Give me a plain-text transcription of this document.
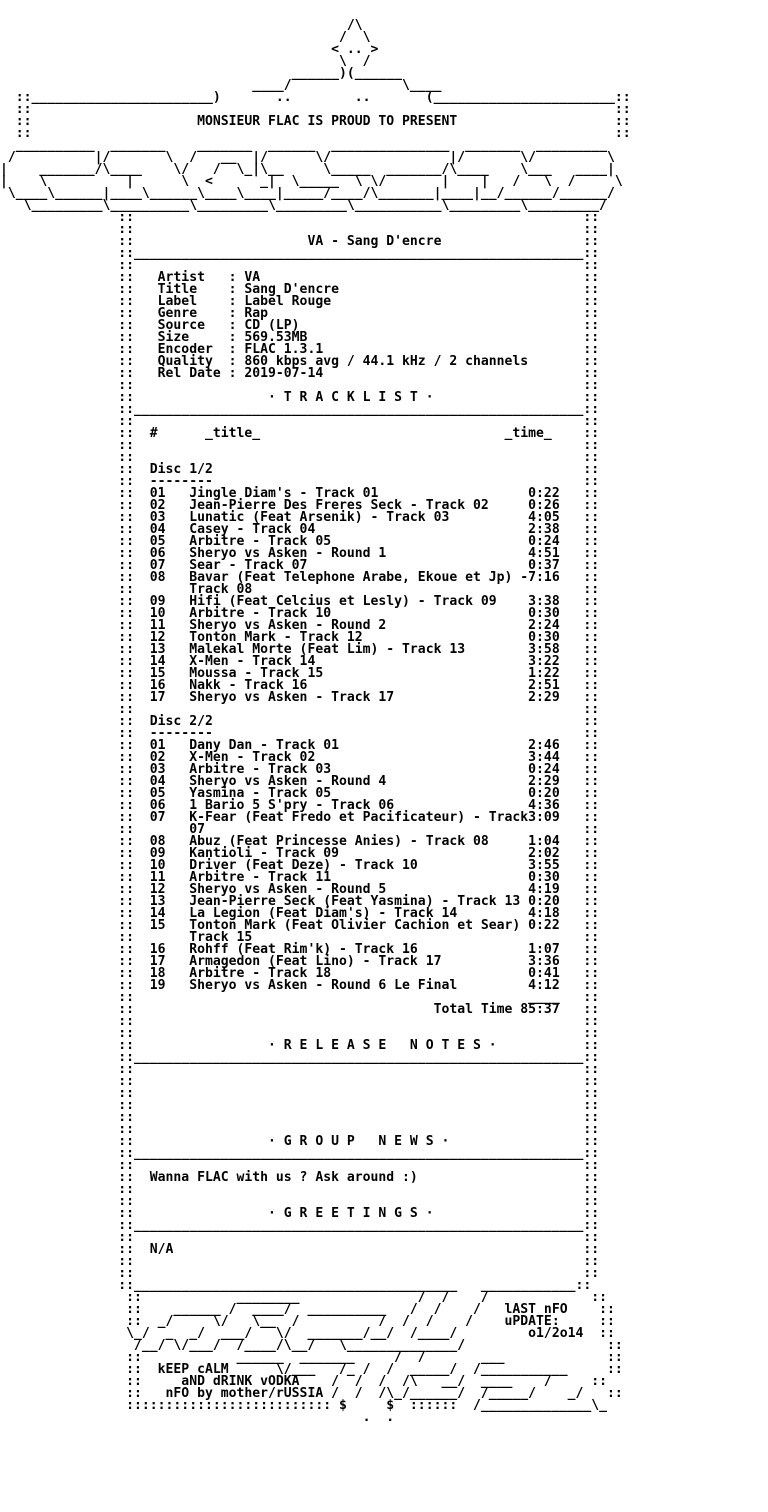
/\
/  \
< .. >
\  /
______)(______
____/              \____
::_______________________)       ..        ..       (_______________________::
::                                                                          ::
::                     MONSIEUR FLAC IS PROUD TO PRESENT                    ::
::                                                                          ::
__________  _______    _______  ______  _______________  _______  _________
/          |/       \  /   __  |/      \/               |/       \/         \
|    _______/\____    \/   /  \_|\__     \_____  _______/\____    \___   ____|
|    \          |      \  <      _|  \_____  \ \/       |    |   /   \  /     \
\____\______|____\______\____\____|_____/____/\_______|____|__/______/______/
\_________\__________\_________\_________\___________\_________\_________/
::                                                         ::
::                                                         ::
::                      VA - Sang D'encre                  ::
::_________________________________________________________::
::                                                         ::
::   Artist   : VA                                         ::
::   Title    : Sang D'encre                               ::
::   Label    : Label Rouge                                ::
::   Genre    : Rap                                        ::
::   Source   : CD (LP)                                    ::
::   Size     : 569.53MB                                   ::
::   Encoder  : FLAC 1.3.1                                 ::
::   Quality  : 860 kbps avg / 44.1 kHz / 2 channels       ::
::   Rel Date : 2019-07-14                                 ::
::                                                         ::
::                 · T R A C K L I S T ·                   ::
::_________________________________________________________::
::                                                         ::
::  #      _title_                               _time_    ::
::                                                         ::
::                                                         ::
::  Disc 1/2                                               ::
::  --------                                               ::
::  01   Jingle Diam's - Track 01                   0:22   ::
::  02   Jean-Pierre Des Freres Seck - Track 02     0:26   ::
::  03   Lunatic (Feat Arsenik) - Track 03          4:05   ::
::  04   Casey - Track 04                           2:38   ::
::  05   Arbitre - Track 05                         0:24   ::
::  06   Sheryo vs Asken - Round 1                  4:51   ::
::  07   Sear - Track 07                            0:37   ::
::  08   Bavar (Feat Telephone Arabe, Ekoue et Jp) -7:16   ::
::       Track 08                                          ::
::  09   Hifi (Feat Celcius et Lesly) - Track 09    3:38   ::
::  10   Arbitre - Track 10                         0:30   ::
::  11   Sheryo vs Asken - Round 2                  2:24   ::
::  12   Tonton Mark - Track 12                     0:30   ::
::  13   Malekal Morte (Feat Lim) - Track 13        3:58   ::
::  14   X-Men - Track 14                           3:22   ::
::  15   Moussa - Track 15                          1:22   ::
::  16   Nakk - Track 16                            2:51   ::
::  17   Sheryo vs Asken - Track 17                 2:29   ::
::                                                         ::
::  Disc 2/2                                               ::
::  --------                                               ::
::  01   Dany Dan - Track 01                        2:46   ::
::  02   X-Men - Track 02                           3:44   ::
::  03   Arbitre - Track 03                         0:24   ::
::  04   Sheryo vs Asken - Round 4                  2:29   ::
::  05   Yasmina - Track 05                         0:20   ::
::  06   1 Bario 5 S'pry - Track 06                 4:36   ::
::  07   K-Fear (Feat Fredo et Pacificateur) - Track3:09   ::
::       07                                                ::
::  08   Abuz (Feat Princesse Anies) - Track 08     1:04   ::
::  09   Kantioli - Track 09                        2:02   ::
::  10   Driver (Feat Deze) - Track 10              3:55   ::
::  11   Arbitre - Track 11                         0:30   ::
::  12   Sheryo vs Asken - Round 5                  4:19   ::
::  13   Jean-Pierre Seck (Feat Yasmina) - Track 13 0:20   ::
::  14   La Legion (Feat Diam's) - Track 14         4:18   ::
::  15   Tonton Mark (Feat Olivier Cachion et Sear) 0:22   ::
::       Track 15                                          ::
::  16   Rohff (Feat Rim'k) - Track 16              1:07   ::
::  17   Armagedon (Feat Lino) - Track 17           3:36   ::
::  18   Arbitre - Track 18                         0:41   ::
::  19   Sheryo vs Asken - Round 6 Le Final         4:12   ::
::                                                  ____   ::
::                                      Total Time 85:37   ::
::                                                         ::
::                                                         ::
::                 · R E L E A S E   N O T E S ·           ::
::_________________________________________________________::
::                                                         ::
::                                                         ::
::                                                         ::
::                                                         ::
::                                                         ::
::                                                         ::
::                 · G R O U P   N E W S ·                 ::
::_________________________________________________________::
::                                                         ::
::  Wanna FLAC with us ? Ask around :)                     ::
::                                                         ::
::                                                         ::
::                 · G R E E T I N G S ·                   ::
::_________________________________________________________::
::                                                         ::
::  N/A                                                    ::
::                                                         ::
::                                                         ::
::_________________________________________   ____________::
::            ________               /  /    /             ::
::    ______ /  ____/  __________   /  /    /   lAST nFO    ::
::  _/     \/   \__  /          /  /  /    /    uPDATE:     ::
\_/  _  _/  ___/   \/  _______/__/  /____/         o1/2o14  ::
/__/ \/___/  /____/\__/   \______________/                  ::
::            ______  _______     /  /       ___             ::
::  kEEP cALM      \/___   /_ /  /  _____/  /___________     ::
::     aND dRINK vODKA    /  /  /  /\   __/  ____    /     ::
::   nFO by mother/rUSSIA /  /  /\_/______/  /_____/    _/   ::
:::::::::::::::::::::::::: $     $  ::::::  /______________\_
.  .
